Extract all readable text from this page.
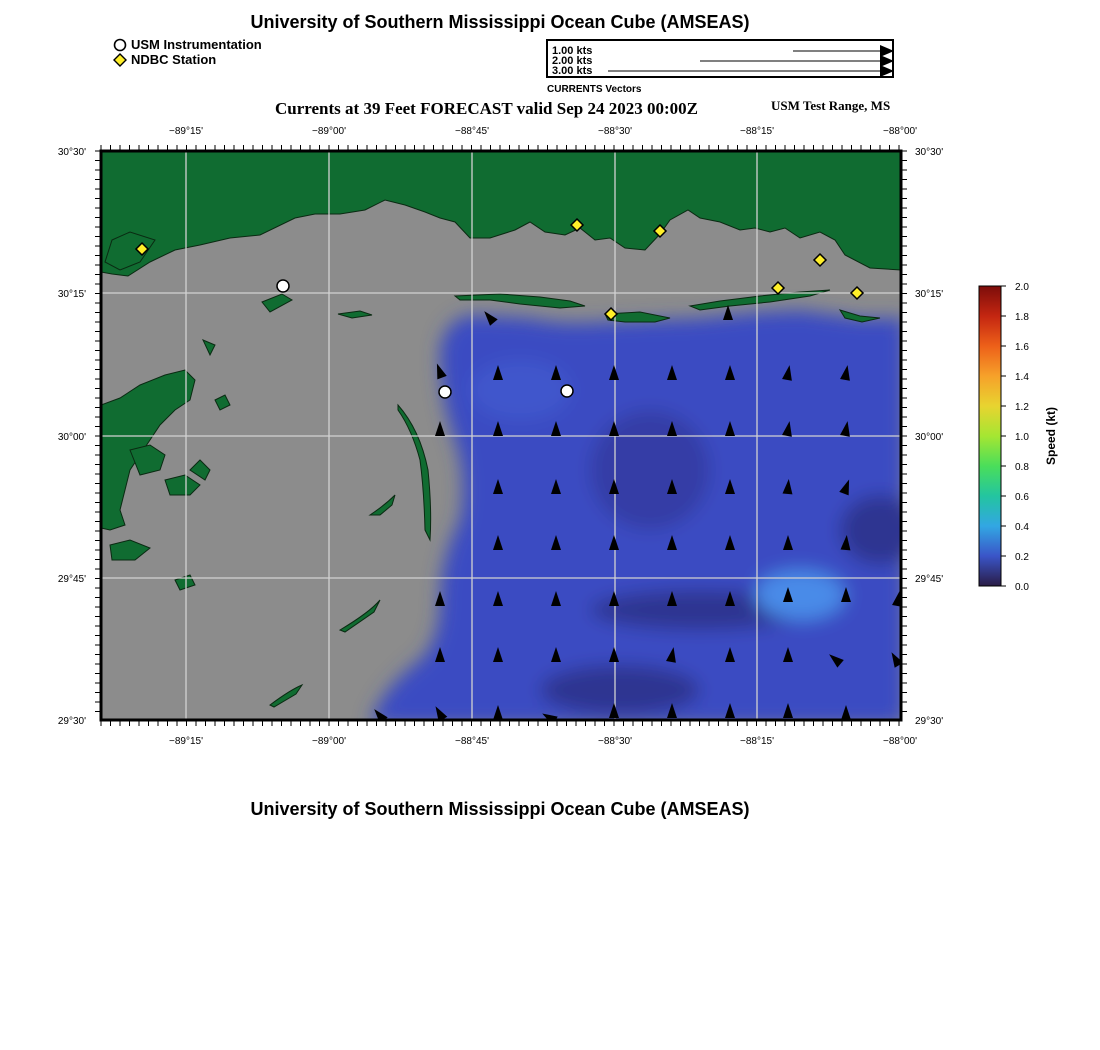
University of Southern Mississippi Ocean Cube (AMSEAS)
USM Instrumentation
NDBC Station
1.00 kts
2.00 kts
3.00 kts
CURRENTS Vectors
Currents at 39 Feet FORECAST valid Sep 24 2023 00:00Z	USM Test Range, MS
−89°15'	−89°00'	−88°45'	−88°30'	−88°15'	−88°00'
−89°15'	−89°00'	−88°45'	−88°30'	−88°15'	−88°00'
30°30'
30°15'
30°00'
29°45'
29°30'
30°30'
30°15'
30°00'
29°45'
29°30'
2.0
1.8
1.6
1.4
1.2
1.0
0.8
0.6
0.4
0.2
0.0
Speed (kt)
University of Southern Mississippi Ocean Cube (AMSEAS)
